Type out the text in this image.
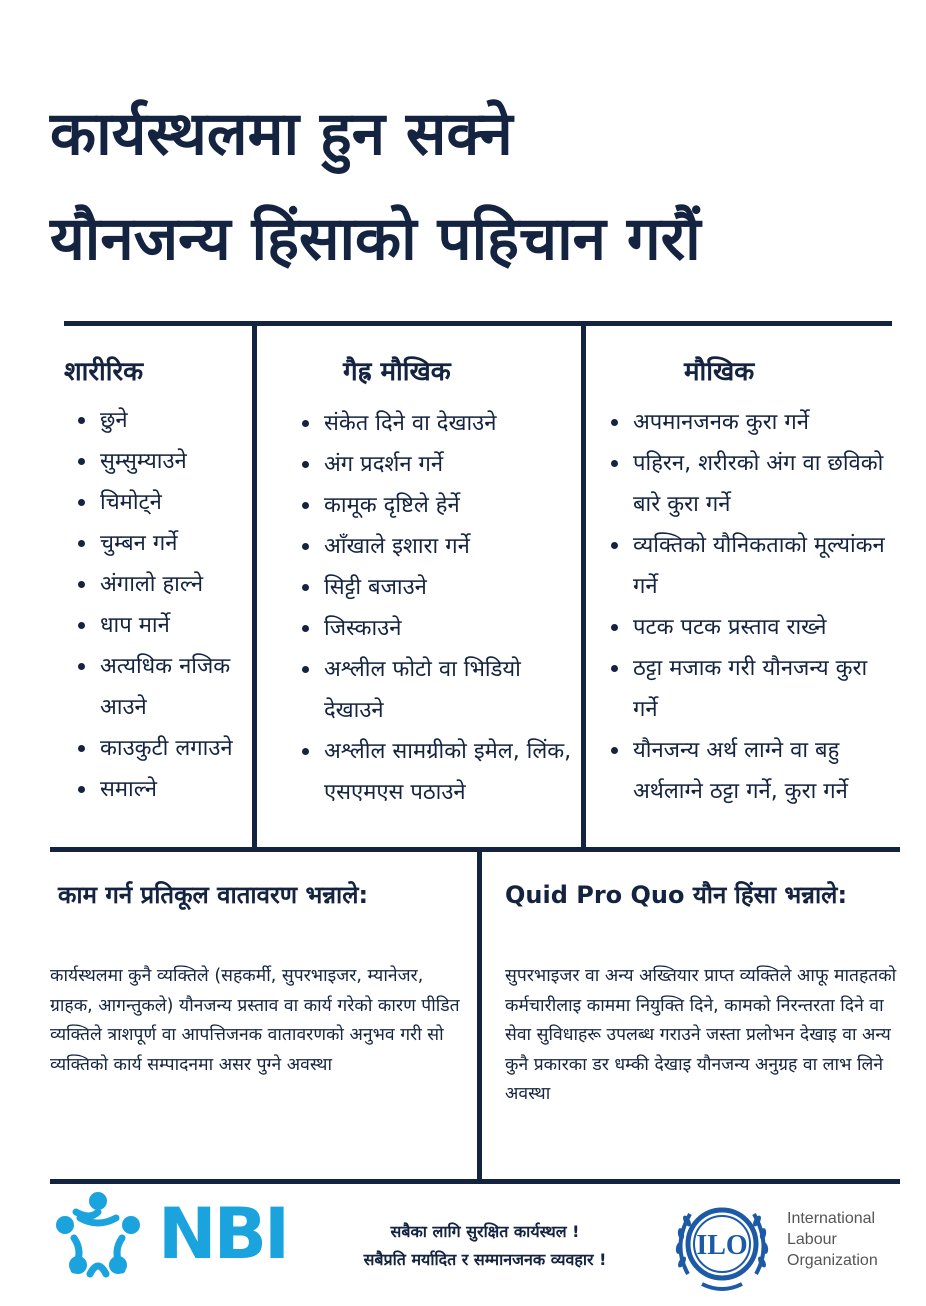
कार्यस्थलमा हुन सक्ने
यौनजन्य हिंसाको पहिचान गरौं
शारीरिक
छुने
सुम्सुम्याउने
चिमोट्ने
चुम्बन गर्ने
अंगालो हाल्ने
धाप मार्ने
अत्यधिक नजिक आउने
काउकुटी लगाउने
समाल्ने
गैह्र मौखिक
संकेत दिने वा देखाउने
अंग प्रदर्शन गर्ने
कामूक दृष्टिले हेर्ने
आँखाले इशारा गर्ने
सिट्टी बजाउने
जिस्काउने
अश्लील फोटो वा भिडियो देखाउने
अश्लील सामग्रीको इमेल, लिंक, एसएमएस पठाउने
मौखिक
अपमानजनक कुरा गर्ने
पहिरन, शरीरको अंग वा छविको बारे कुरा गर्ने
व्यक्तिको यौनिकताको मूल्यांकन गर्ने
पटक पटक प्रस्ताव राख्ने
ठट्टा मजाक गरी यौनजन्य कुरा गर्ने
यौनजन्य अर्थ लाग्ने वा बहु अर्थलाग्ने ठट्टा गर्ने, कुरा गर्ने
काम गर्न प्रतिकूल वातावरण भन्नाले:

कार्यस्थलमा कुनै व्यक्तिले (सहकर्मी, सुपरभाइजर, म्यानेजर, ग्राहक, आगन्तुकले) यौनजन्य प्रस्ताव वा कार्य गरेको कारण पीडित व्यक्तिले त्राशपूर्ण वा आपत्तिजनक वातावरणको अनुभव गरी सो व्यक्तिको कार्य सम्पादनमा असर पुग्ने अवस्था

Quid Pro Quo यौन हिंसा भन्नाले:

सुपरभाइजर वा अन्य अख्तियार प्राप्त व्यक्तिले आफू मातहतको कर्मचारीलाइ काममा नियुक्ति दिने, कामको निरन्तरता दिने वा सेवा सुविधाहरू उपलब्ध गराउने जस्ता प्रलोभन देखाइ वा अन्य कुनै प्रकारका डर धम्की देखाइ यौनजन्य अनुग्रह वा लाभ लिने अवस्था

NBI	सबैका लागि सुरक्षित कार्यस्थल !
सबैप्रति मर्यादित र सम्मानजनक व्यवहार !	ILO
International
Labour
Organization
